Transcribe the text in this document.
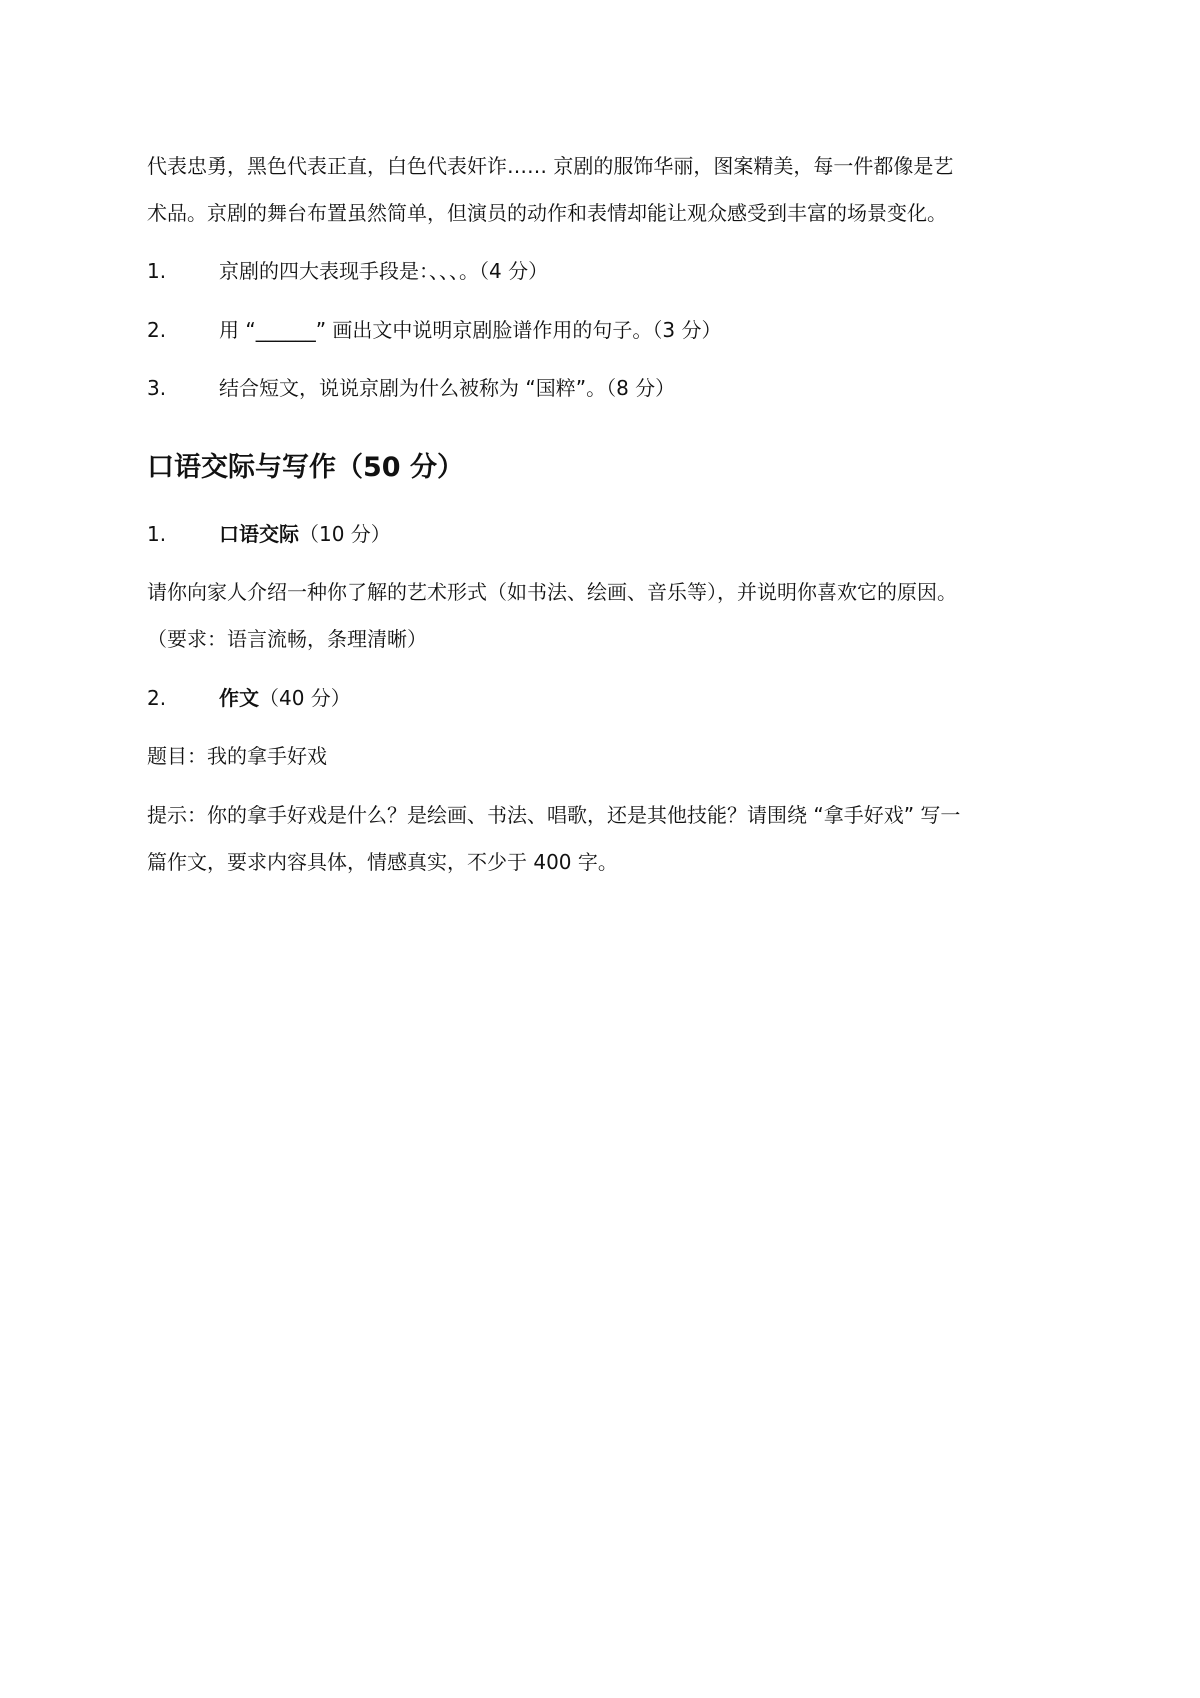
代表忠勇，黑色代表正直，白色代表奸诈…… 京剧的服饰华丽，图案精美，每一件都像是艺
术品。京剧的舞台布置虽然简单，但演员的动作和表情却能让观众感受到丰富的场景变化。
1.	京剧的四大表现手段是：、、、。（4 分）
2.	用 “______” 画出文中说明京剧脸谱作用的句子。（3 分）
3.	结合短文，说说京剧为什么被称为 “国粹”。（8 分）
口语交际与写作（50 分）
1.	口语交际（10 分）
请你向家人介绍一种你了解的艺术形式（如书法、绘画、音乐等），并说明你喜欢它的原因。
（要求：语言流畅，条理清晰）
2.	作文（40 分）
题目：我的拿手好戏
提示：你的拿手好戏是什么？是绘画、书法、唱歌，还是其他技能？请围绕 “拿手好戏” 写一
篇作文，要求内容具体，情感真实，不少于 400 字。
